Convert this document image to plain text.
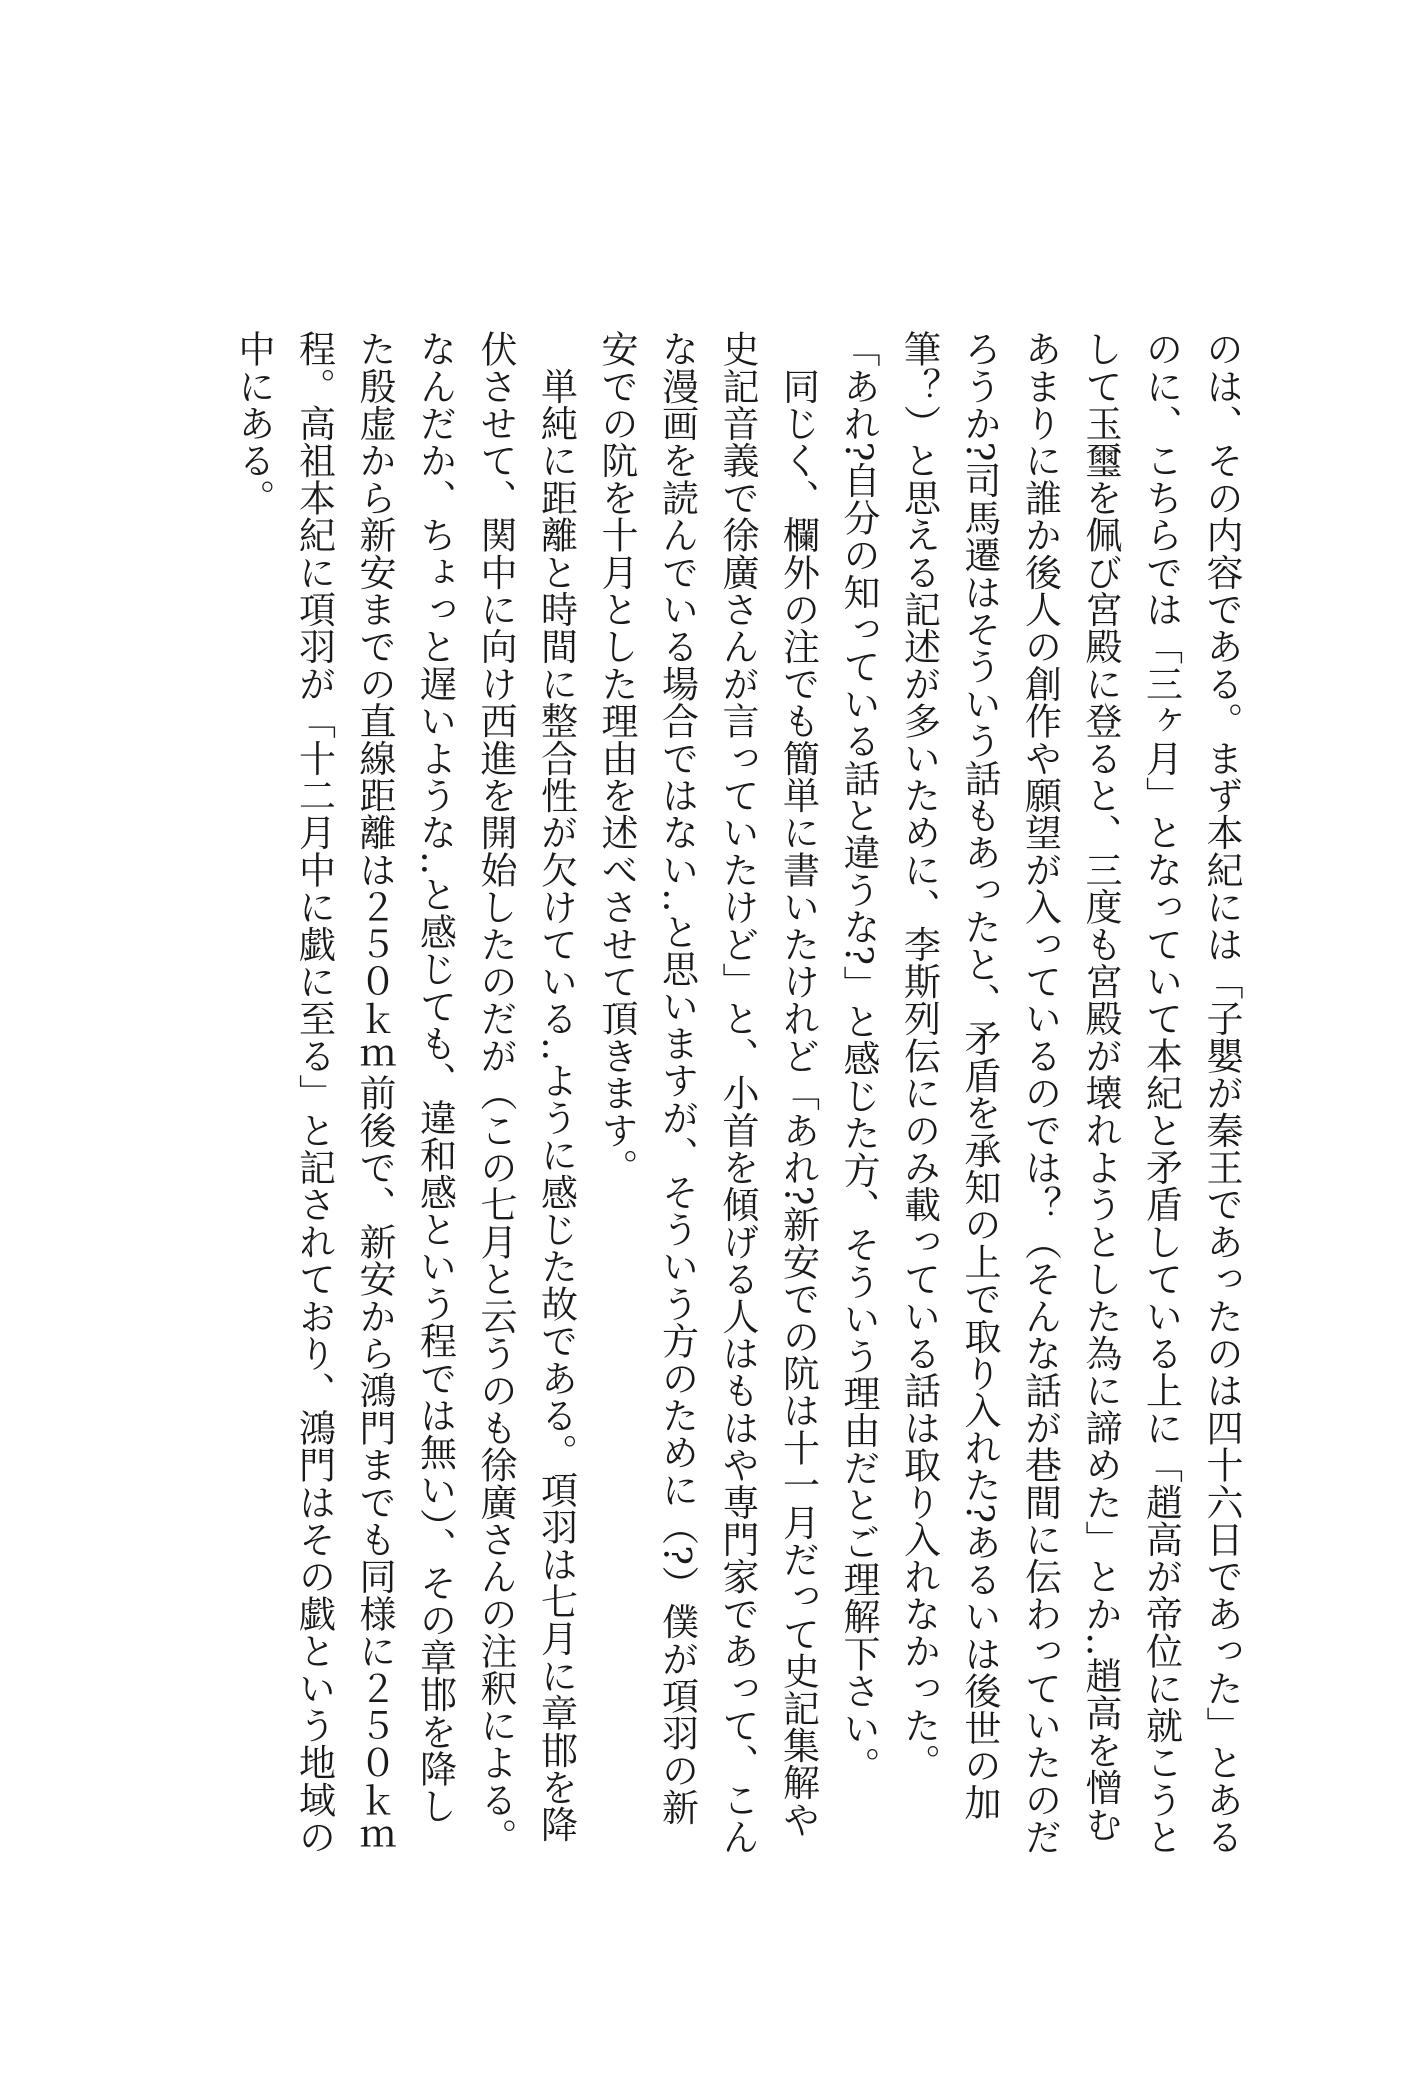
のは、その内容である。まず本紀には「子嬰が秦王であったのは四十六日であった」とある
のに、こちらでは「三ヶ月」となっていて本紀と矛盾している上に「趙高が帝位に就こうと
して玉璽を佩び宮殿に登ると、三度も宮殿が壊れようとした為に諦めた」とか‥趙高を憎む
あまりに誰か後人の創作や願望が入っているのでは？（そんな話が巷間に伝わっていたのだ
ろうか?司馬遷はそういう話もあったと、矛盾を承知の上で取り入れた?あるいは後世の加
筆？）と思える記述が多いために、李斯列伝にのみ載っている話は取り入れなかった。
「あれ?自分の知っている話と違うな?」と感じた方、そういう理由だとご理解下さい。
　同じく、欄外の注でも簡単に書いたけれど「あれ?新安での阬は十一月だって史記集解や
史記音義で徐廣さんが言っていたけど」と、小首を傾げる人はもはや専門家であって、こん
な漫画を読んでいる場合ではない‥と思いますが、そういう方のために（?）僕が項羽の新
安での阬を十月とした理由を述べさせて頂きます。
　単純に距離と時間に整合性が欠けている‥ように感じた故である。項羽は七月に章邯を降
伏させて、関中に向け西進を開始したのだが（この七月と云うのも徐廣さんの注釈による。
なんだか、ちょっと遅いような‥と感じても、違和感という程では無い）、その章邯を降し
た殷虚から新安までの直線距離は２５０ｋｍ前後で、新安から鴻門までも同様に２５０ｋｍ
程。高祖本紀に項羽が「十二月中に戯に至る」と記されており、鴻門はその戯という地域の
中にある。
